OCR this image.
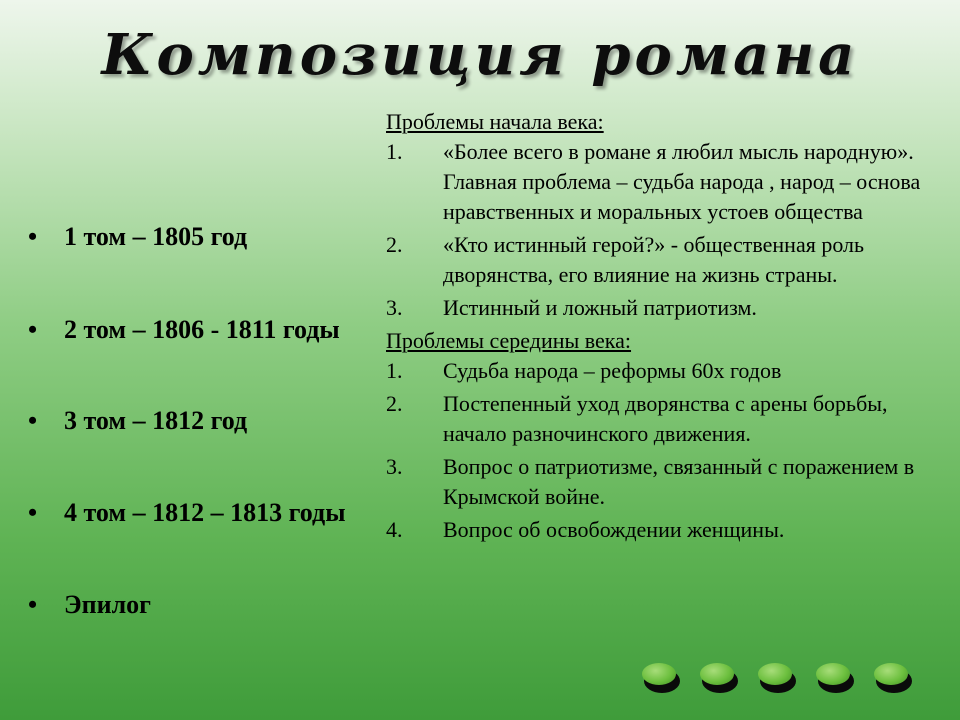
Композиция романа
• 1 том – 1805 год
• 2 том – 1806 - 1811 годы
• 3 том – 1812 год
• 4 том – 1812 – 1813 годы
• Эпилог

Проблемы начала века:

1. «Более всего в романе я любил мысль народную». Главная проблема – судьба народа , народ – основа нравственных и моральных устоев общества
2. «Кто истинный герой?» - общественная роль дворянства, его влияние на жизнь страны.
3. Истинный и ложный патриотизм.

Проблемы середины века:

1. Судьба народа – реформы 60х годов
2. Постепенный уход дворянства с арены борьбы, начало разночинского движения.
3. Вопрос о патриотизме, связанный с поражением в Крымской войне.
4. Вопрос об освобождении женщины.
